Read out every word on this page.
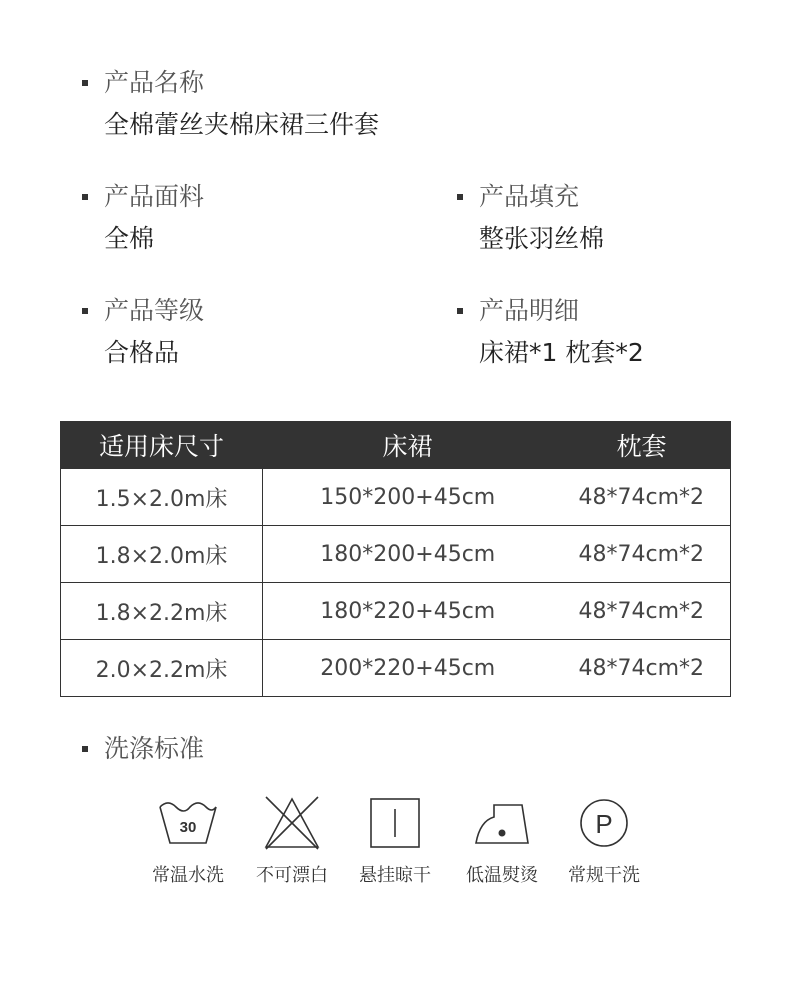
产品名称
全棉蕾丝夹棉床裙三件套
产品面料
全棉
产品填充
整张羽丝棉
产品等级
合格品
产品明细
床裙*1 枕套*2
适用床尺寸	床裙	枕套
1.5×2.0m床	150*200+45cm	48*74cm*2
1.8×2.0m床	180*200+45cm	48*74cm*2
1.8×2.2m床	180*220+45cm	48*74cm*2
2.0×2.2m床	200*220+45cm	48*74cm*2
洗涤标准
30
常温水洗	不可漂白	悬挂晾干	低温熨烫
P
常规干洗
